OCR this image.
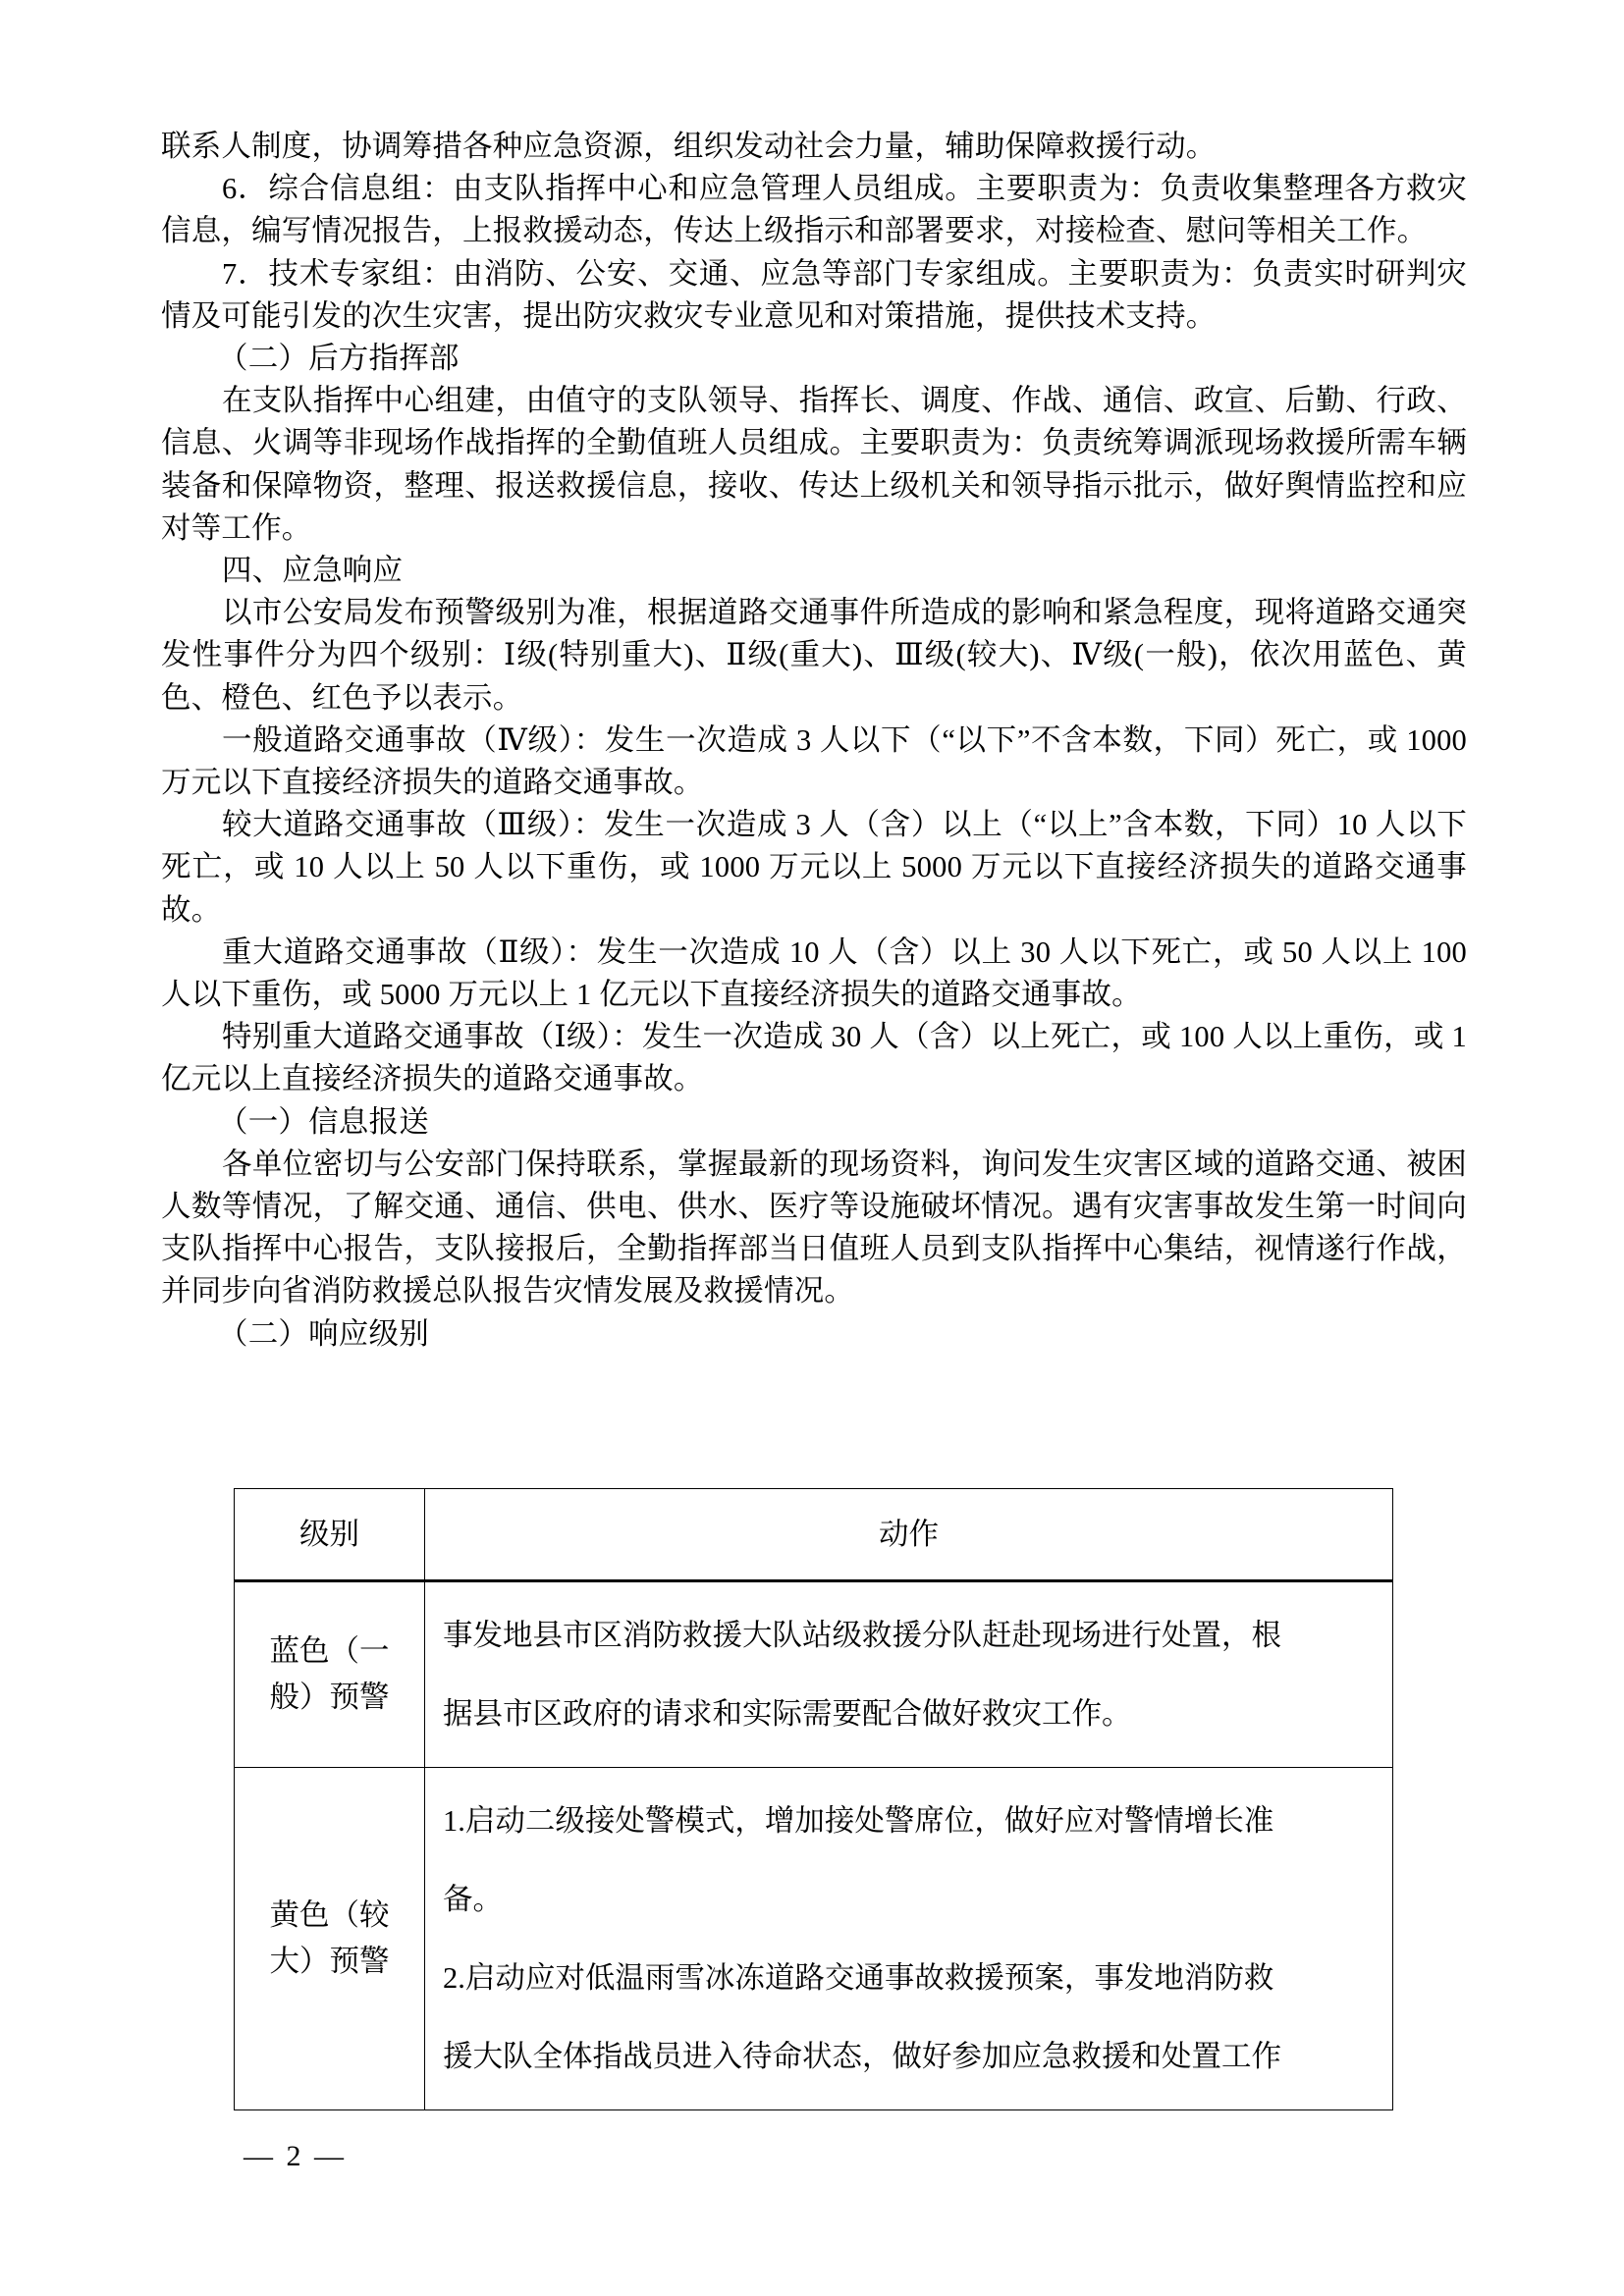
联系人制度，协调筹措各种应急资源，组织发动社会力量，辅助保障救援行动。

6．综合信息组：由支队指挥中心和应急管理人员组成。主要职责为：负责收集整理各方救灾信息，编写情况报告，上报救援动态，传达上级指示和部署要求，对接检查、慰问等相关工作。

7．技术专家组：由消防、公安、交通、应急等部门专家组成。主要职责为：负责实时研判灾情及可能引发的次生灾害，提出防灾救灾专业意见和对策措施，提供技术支持。

（二）后方指挥部

在支队指挥中心组建，由值守的支队领导、指挥长、调度、作战、通信、政宣、后勤、行政、信息、火调等非现场作战指挥的全勤值班人员组成。主要职责为：负责统筹调派现场救援所需车辆装备和保障物资，整理、报送救援信息，接收、传达上级机关和领导指示批示，做好舆情监控和应对等工作。

四、应急响应

以市公安局发布预警级别为准，根据道路交通事件所造成的影响和紧急程度，现将道路交通突发性事件分为四个级别：Ⅰ级(特别重大)、Ⅱ级(重大)、Ⅲ级(较大)、Ⅳ级(一般)，依次用蓝色、黄色、橙色、红色予以表示。

一般道路交通事故（Ⅳ级）：发生一次造成 3 人以下（“以下”不含本数，下同）死亡，或 1000 万元以下直接经济损失的道路交通事故。

较大道路交通事故（Ⅲ级）：发生一次造成 3 人（含）以上（“以上”含本数，下同）10 人以下死亡，或 10 人以上 50 人以下重伤，或 1000 万元以上 5000 万元以下直接经济损失的道路交通事故。

重大道路交通事故（Ⅱ级）：发生一次造成 10 人（含）以上 30 人以下死亡，或 50 人以上 100 人以下重伤，或 5000 万元以上 1 亿元以下直接经济损失的道路交通事故。

特别重大道路交通事故（Ⅰ级）：发生一次造成 30 人（含）以上死亡，或 100 人以上重伤，或 1 亿元以上直接经济损失的道路交通事故。

（一）信息报送

各单位密切与公安部门保持联系，掌握最新的现场资料，询问发生灾害区域的道路交通、被困人数等情况，了解交通、通信、供电、供水、医疗等设施破坏情况。遇有灾害事故发生第一时间向支队指挥中心报告，支队接报后，全勤指挥部当日值班人员到支队指挥中心集结，视情遂行作战，并同步向省消防救援总队报告灾情发展及救援情况。

（二）响应级别

级别	动作

蓝色（一
般）预警	事发地县市区消防救援大队站级救援分队赶赴现场进行处置，根
据县市区政府的请求和实际需要配合做好救灾工作。

黄色（较
大）预警	1.启动二级接处警模式，增加接处警席位，做好应对警情增长准
备。
2.启动应对低温雨雪冰冻道路交通事故救援预案，事发地消防救
援大队全体指战员进入待命状态，做好参加应急救援和处置工作
— 2 —
